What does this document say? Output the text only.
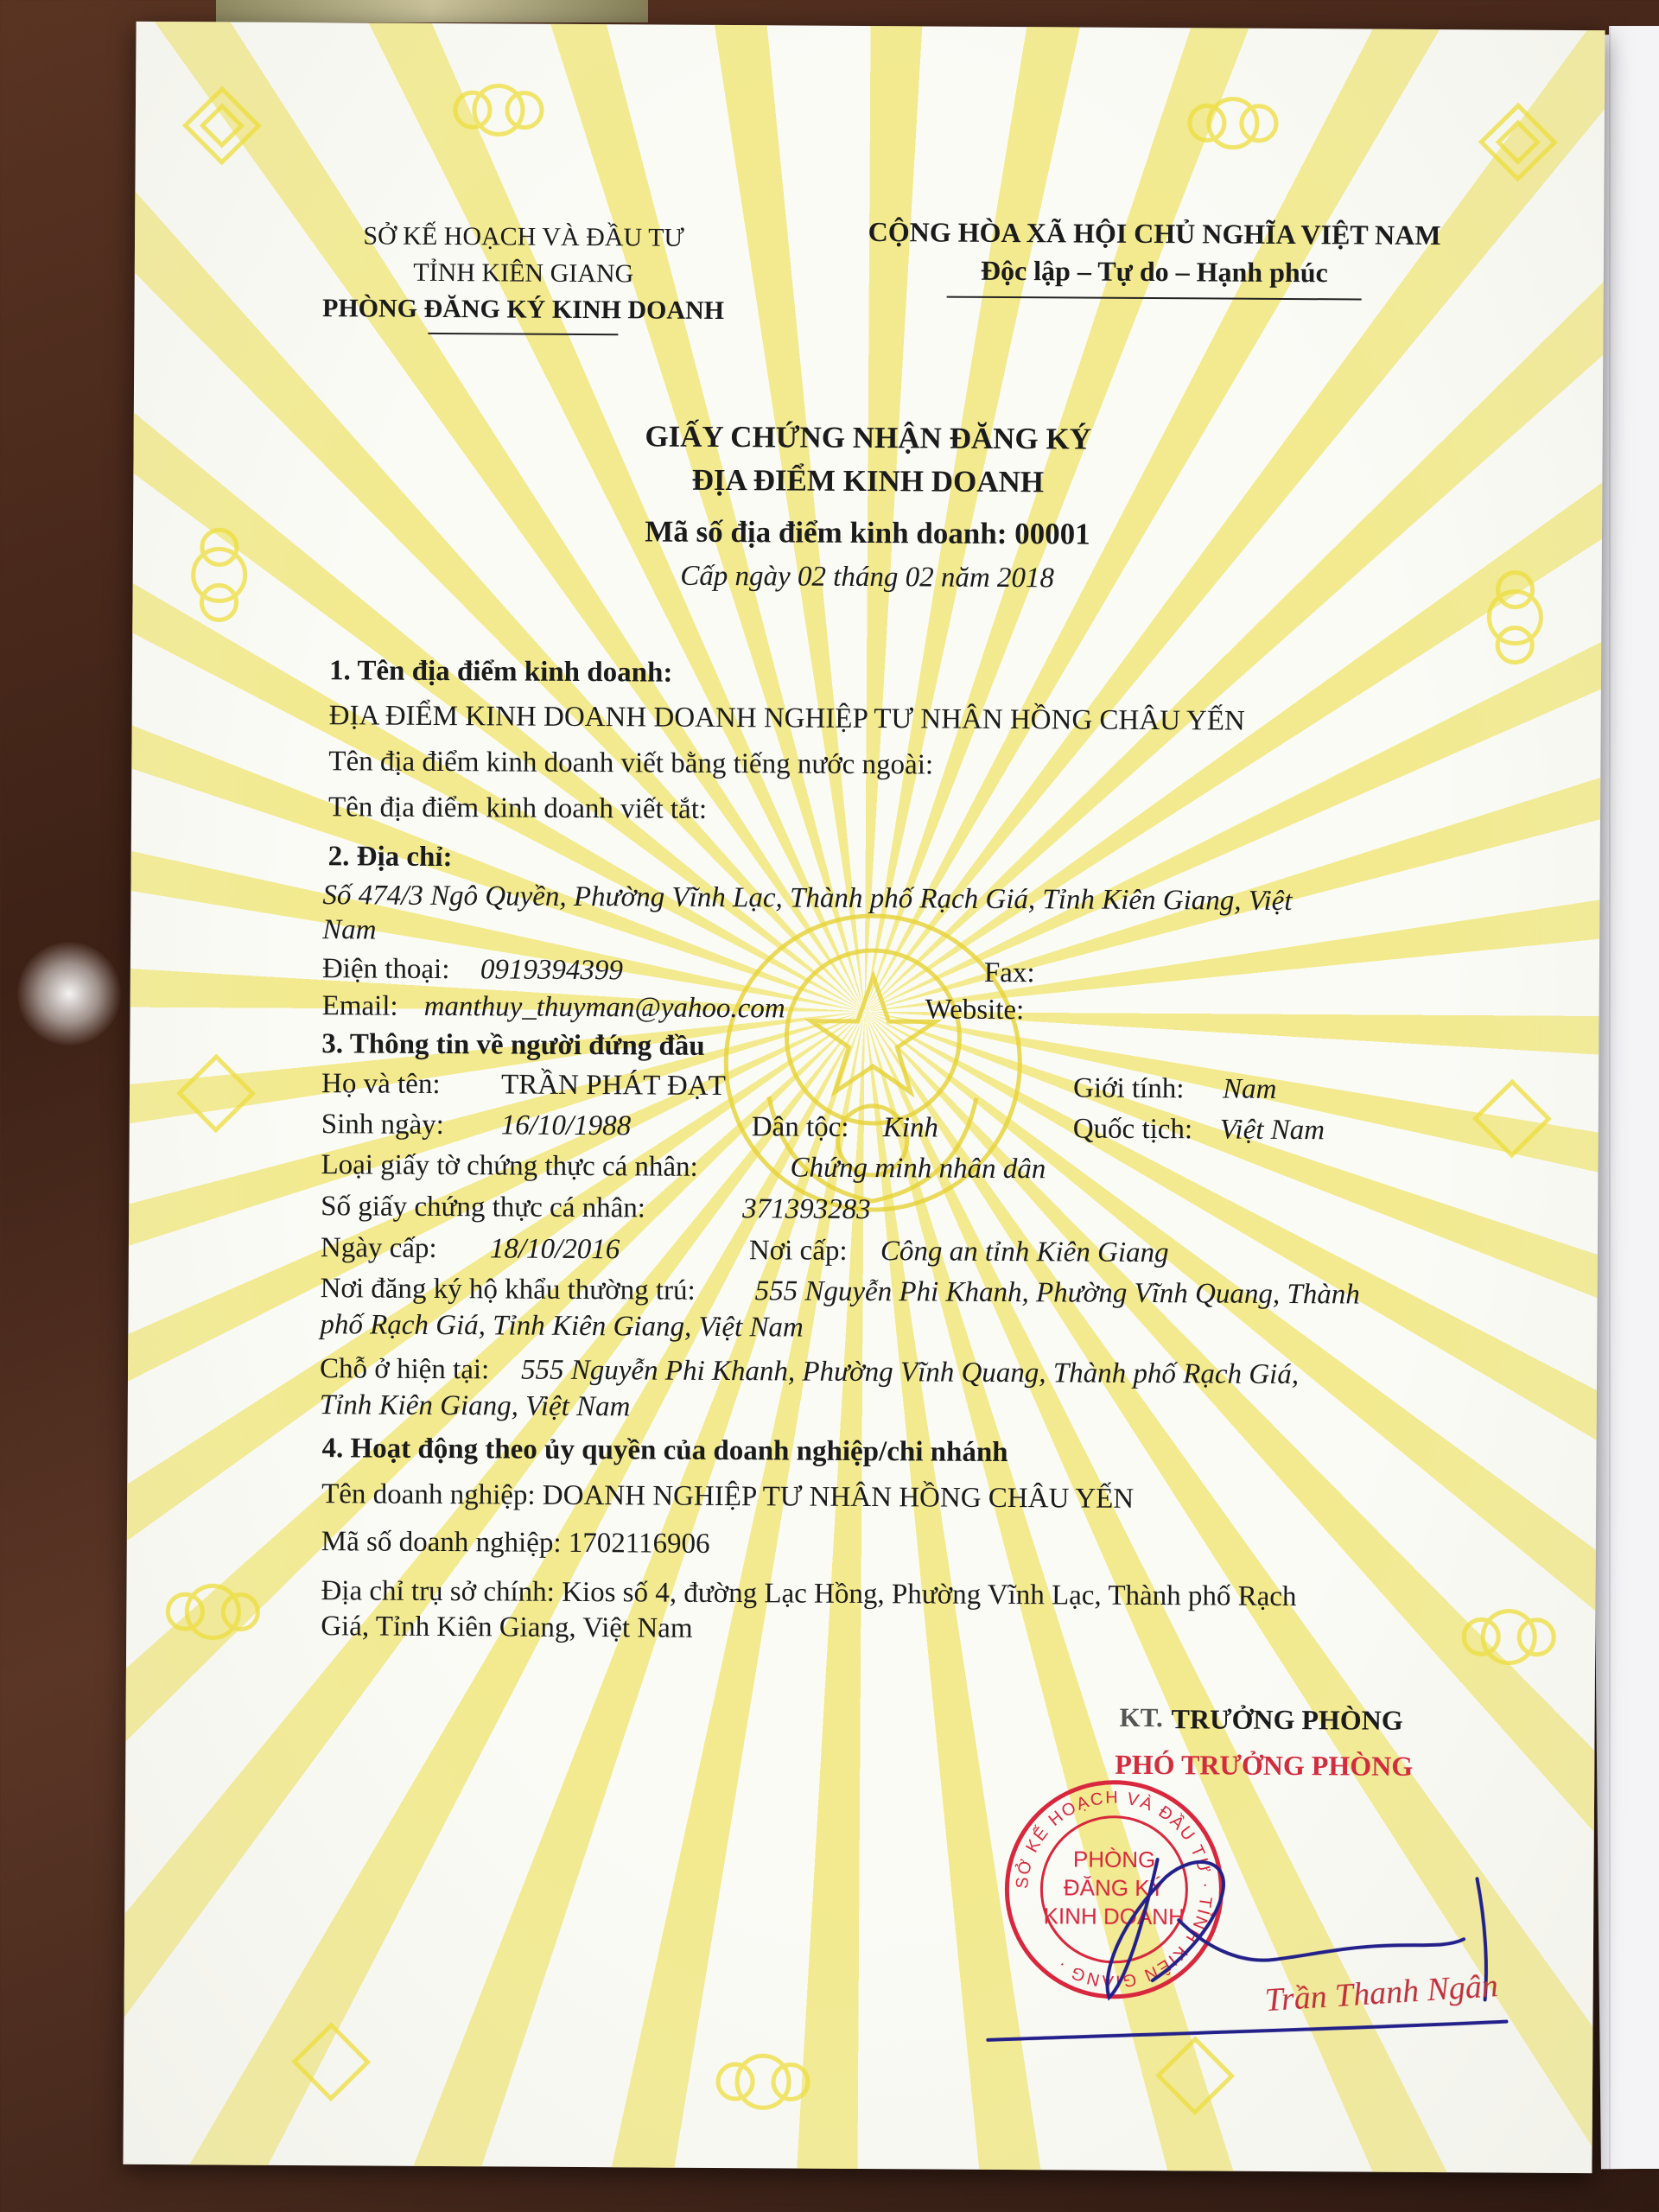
SỞ KẾ HOẠCH VÀ ĐẦU TƯ
TỈNH KIÊN GIANG
PHÒNG ĐĂNG KÝ KINH DOANH
CỘNG HÒA XÃ HỘI CHỦ NGHĨA VIỆT NAM
Độc lập – Tự do – Hạnh phúc
GIẤY CHỨNG NHẬN ĐĂNG KÝ
ĐỊA ĐIỂM KINH DOANH
Mã số địa điểm kinh doanh: 00001
Cấp ngày 02 tháng 02 năm 2018
1. Tên địa điểm kinh doanh:
ĐỊA ĐIỂM KINH DOANH DOANH NGHIỆP TƯ NHÂN HỒNG CHÂU YẾN
Tên địa điểm kinh doanh viết bằng tiếng nước ngoài:
Tên địa điểm kinh doanh viết tắt:
2. Địa chỉ:
Số 474/3 Ngô Quyền, Phường Vĩnh Lạc, Thành phố Rạch Giá, Tỉnh Kiên Giang, Việt
Nam
Điện thoại: 0919394399	Fax:
Email: manthuy_thuyman@yahoo.com	Website:
3. Thông tin về người đứng đầu
Họ và tên: TRẦN PHÁT ĐẠT	Giới tính: Nam
Sinh ngày: 16/10/1988	Dân tộc: Kinh	Quốc tịch: Việt Nam
Loại giấy tờ chứng thực cá nhân:	Chứng minh nhân dân
Số giấy chứng thực cá nhân:	371393283
Ngày cấp: 18/10/2016	Nơi cấp: Công an tỉnh Kiên Giang
Nơi đăng ký hộ khẩu thường trú: 555 Nguyễn Phi Khanh, Phường Vĩnh Quang, Thành
phố Rạch Giá, Tỉnh Kiên Giang, Việt Nam
Chỗ ở hiện tại: 555 Nguyễn Phi Khanh, Phường Vĩnh Quang, Thành phố Rạch Giá,
Tỉnh Kiên Giang, Việt Nam
4. Hoạt động theo ủy quyền của doanh nghiệp/chi nhánh
Tên doanh nghiệp: DOANH NGHIỆP TƯ NHÂN HỒNG CHÂU YẾN
Mã số doanh nghiệp: 1702116906
Địa chỉ trụ sở chính: Kios số 4, đường Lạc Hồng, Phường Vĩnh Lạc, Thành phố Rạch
Giá, Tỉnh Kiên Giang, Việt Nam
KT. TRƯỞNG PHÒNG
PHÓ TRƯỞNG PHÒNG
SỞ KẾ HOẠCH VÀ ĐẦU TƯ · TỈNH KIÊN GIANG ·
PHÒNG
ĐĂNG KÝ
KINH DOANH
Trần Thanh Ngân
